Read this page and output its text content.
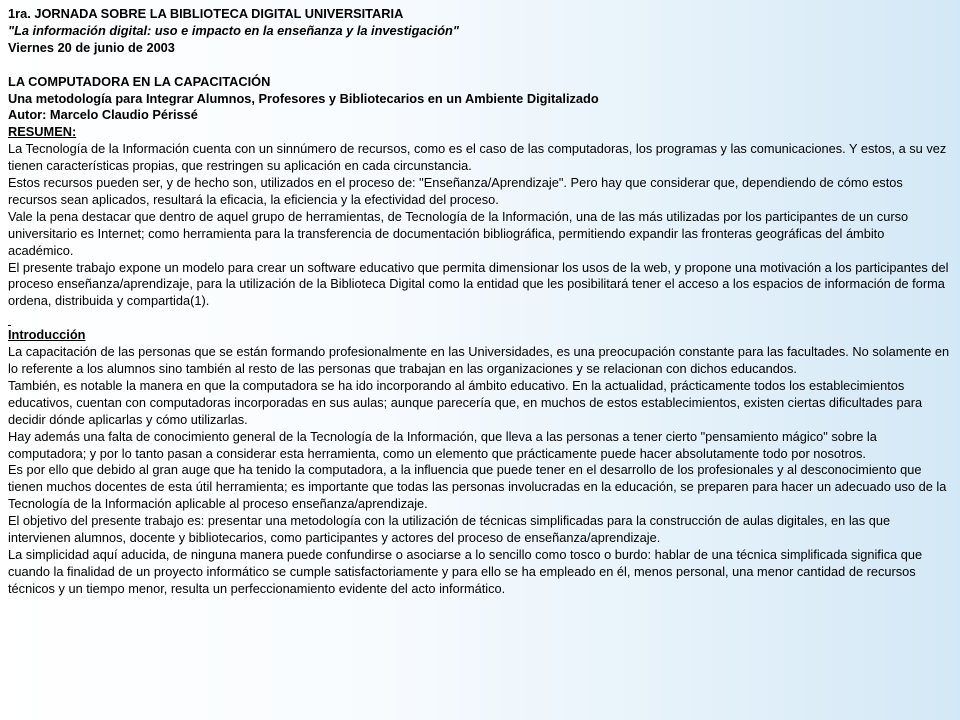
1ra. JORNADA SOBRE LA BIBLIOTECA DIGITAL UNIVERSITARIA

"La información digital: uso e impacto en la enseñanza y la investigación"

Viernes 20 de junio de 2003

LA COMPUTADORA EN LA CAPACITACIÓN

Una metodología para Integrar Alumnos, Profesores y Bibliotecarios en un Ambiente Digitalizado

Autor: Marcelo Claudio Périssé

RESUMEN:

La Tecnología de la Información cuenta con un sinnúmero de recursos, como es el caso de las computadoras, los programas y las comunicaciones. Y estos, a su vez tienen características propias, que restringen su aplicación en cada circunstancia.

Estos recursos pueden ser, y de hecho son, utilizados en el proceso de: "Enseñanza/Aprendizaje". Pero hay que considerar que, dependiendo de cómo estos recursos sean aplicados, resultará la eficacia, la eficiencia y la efectividad del proceso.

Vale la pena destacar que dentro de aquel grupo de herramientas, de Tecnología de la Información, una de las más utilizadas por los participantes de un curso universitario es Internet; como herramienta para la transferencia de documentación bibliográfica, permitiendo expandir las fronteras geográficas del ámbito académico.

El presente trabajo expone un modelo para crear un software educativo que permita dimensionar los usos de la web, y propone una motivación a los participantes del proceso enseñanza/aprendizaje, para la utilización de la Biblioteca Digital como la entidad que les posibilitará tener el acceso a los espacios de información de forma ordena, distribuida y compartida(1).

Introducción

La capacitación de las personas que se están formando profesionalmente en las Universidades, es una preocupación constante para las facultades. No solamente en lo referente a los alumnos sino también al resto de las personas que trabajan en las organizaciones y se relacionan con dichos educandos.

También, es notable la manera en que la computadora se ha ido incorporando al ámbito educativo. En la actualidad, prácticamente todos los establecimientos educativos, cuentan con computadoras incorporadas en sus aulas; aunque parecería que, en muchos de estos establecimientos, existen ciertas dificultades para decidir dónde aplicarlas y cómo utilizarlas.

Hay además una falta de conocimiento general de la Tecnología de la Información, que lleva a las personas a tener cierto "pensamiento mágico" sobre la computadora; y por lo tanto pasan a considerar esta herramienta, como un elemento que prácticamente puede hacer absolutamente todo por nosotros.

Es por ello que debido al gran auge que ha tenido la computadora, a la influencia que puede tener en el desarrollo de los profesionales y al desconocimiento que tienen muchos docentes de esta útil herramienta; es importante que todas las personas involucradas en la educación, se preparen para hacer un adecuado uso de la Tecnología de la Información aplicable al proceso enseñanza/aprendizaje.

El objetivo del presente trabajo es: presentar una metodología con la utilización de técnicas simplificadas para la construcción de aulas digitales, en las que intervienen alumnos, docente y bibliotecarios, como participantes y actores del proceso de enseñanza/aprendizaje.

La simplicidad aquí aducida, de ninguna manera puede confundirse o asociarse a lo sencillo como tosco o burdo: hablar de una técnica simplificada significa que cuando la finalidad de un proyecto informático se cumple satisfactoriamente y para ello se ha empleado en él, menos personal, una menor cantidad de recursos técnicos y un tiempo menor, resulta un perfeccionamiento evidente del acto informático.
